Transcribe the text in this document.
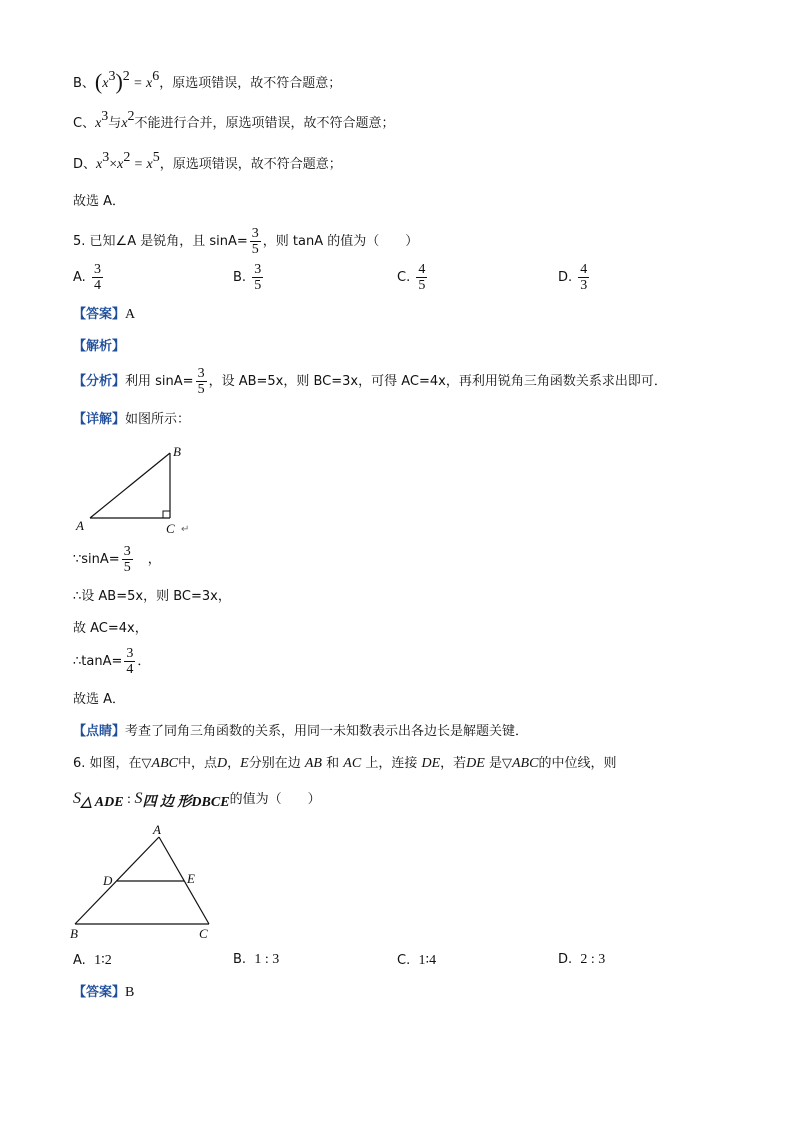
B、$(x^3)^2 = x^6$，原选项错误，故不符合题意；
C、$x^3$与$x^2$不能进行合并，原选项错误，故不符合题意；
D、$x^3\times x^2 = x^5$，原选项错误，故不符合题意；
故选 A．
5. 已知∠A 是锐角，且 $\sin A= \frac{3}{5}$ ，则 tanA 的值为（　　）
A. $\frac{3}{4}$	B. $\frac{3}{5}$	C. $\frac{4}{5}$	D. $\frac{4}{3}$
【答案】A
【解析】
【分析】利用 $\sin A= \frac{3}{5}$ ，设 AB=5x，则 BC=3x，可得 AC=4x，再利用锐角三角函数关系求出即可．
【详解】如图所示：
A
B
C ↵
∵sinA= $\frac{3}{5}$ 　，
∴设 AB=5x，则 BC=3x，
故 AC=4x，
∴tanA= $\frac{3}{4}$ ．
故选 A．
【点睛】考查了同角三角函数的关系，用同一未知数表示出各边长是解题关键．
6. 如图，在▽ABC中，点D，E分别在边 AB 和 AC 上，连接 DE，若DE 是▽ABC的中位线，则
$S_{\triangle ADE}$ : $S_{四 边 形DBCE}$的值为（　　）
A
D	E
B	C
A. 1∶2	B. 1 : 3	C. 1∶4	D. 2 : 3
【答案】B
